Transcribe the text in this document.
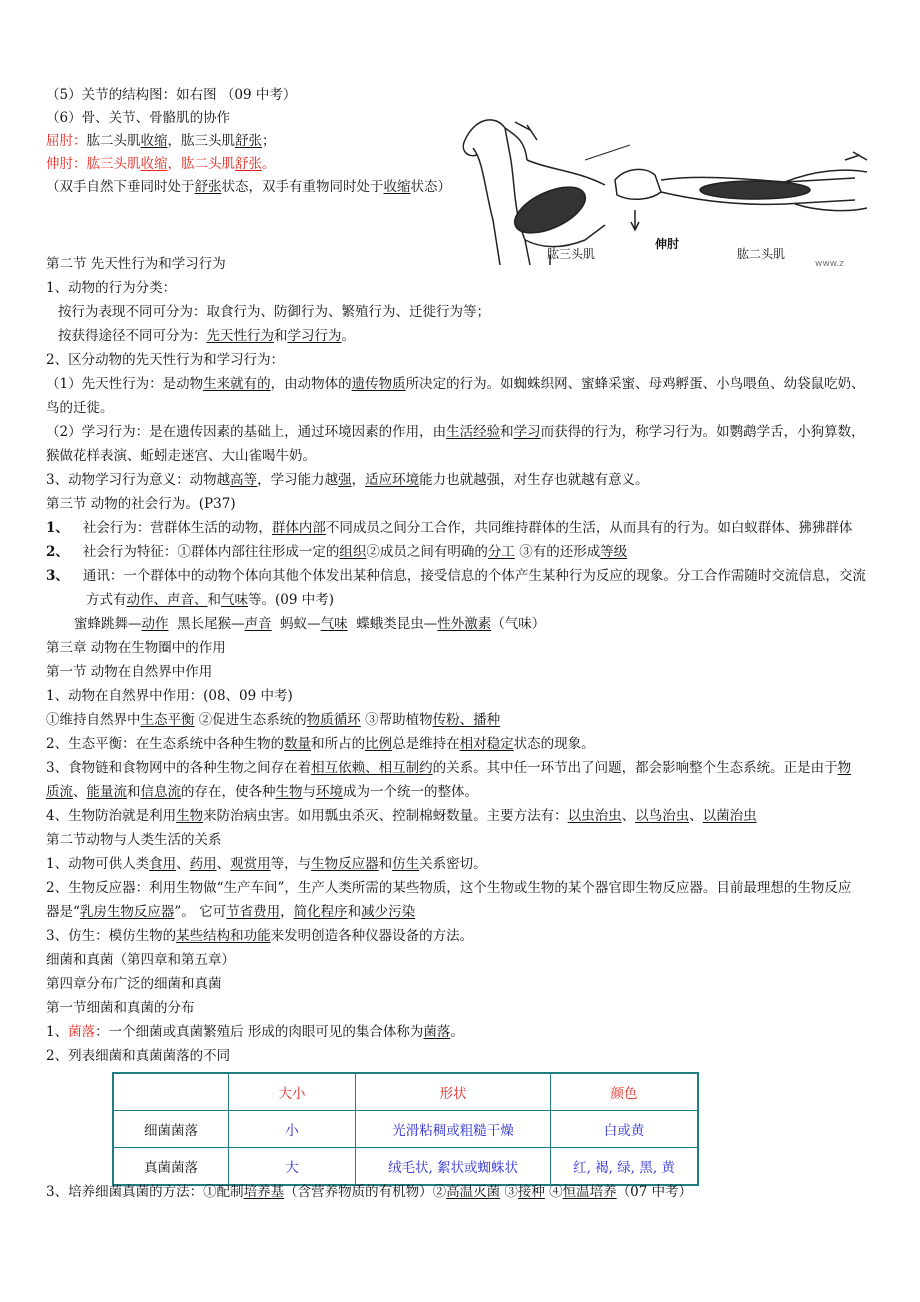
（5）关节的结构图：如右图 （09 中考）
（6）骨、关节、骨骼肌的协作
屈肘：肱二头肌收缩，肱三头肌舒张；
伸肘：肱三头肌收缩，肱二头肌舒张。
（双手自然下垂同时处于舒张状态，双手有重物同时处于收缩状态）
肱三头肌
伸肘
肱二头肌
www.z
第二节 先天性行为和学习行为
1、动物的行为分类：
按行为表现不同可分为：取食行为、防御行为、繁殖行为、迁徙行为等；
按获得途径不同可分为：先天性行为和学习行为。
2、区分动物的先天性行为和学习行为：
（1）先天性行为：是动物生来就有的，由动物体的遗传物质所决定的行为。如蜘蛛织网、蜜蜂采蜜、母鸡孵蛋、小鸟喂鱼、幼袋鼠吃奶、
鸟的迁徙。
（2）学习行为：是在遗传因素的基础上，通过环境因素的作用，由生活经验和学习而获得的行为，称学习行为。如鹦鹉学舌，小狗算数，
猴做花样表演、蚯蚓走迷宫、大山雀喝牛奶。
3、动物学习行为意义：动物越高等，学习能力越强，适应环境能力也就越强，对生存也就越有意义。
第三节 动物的社会行为。(P37)
1、 社会行为：营群体生活的动物，群体内部不同成员之间分工合作，共同维持群体的生活，从而具有的行为。如白蚁群体、狒狒群体
2、 社会行为特征：①群体内部往往形成一定的组织②成员之间有明确的分工 ③有的还形成等级
3、 通讯：一个群体中的动物个体向其他个体发出某种信息，接受信息的个体产生某种行为反应的现象。分工合作需随时交流信息，交流
方式有动作、声音、和气味等。(09 中考)
蜜蜂跳舞—动作  黑长尾猴—声音  蚂蚁—气味  蝶蛾类昆虫—性外激素（气味）
第三章 动物在生物圈中的作用
第一节 动物在自然界中作用
1、动物在自然界中作用：(08、09 中考)
①维持自然界中生态平衡 ②促进生态系统的物质循环 ③帮助植物传粉、播种
2、生态平衡：在生态系统中各种生物的数量和所占的比例总是维持在相对稳定状态的现象。
3、食物链和食物网中的各种生物之间存在着相互依赖、相互制约的关系。其中任一环节出了问题，都会影响整个生态系统。正是由于物
质流、能量流和信息流的存在，使各种生物与环境成为一个统一的整体。
4、生物防治就是利用生物来防治病虫害。如用瓢虫杀灭、控制棉蚜数量。主要方法有：以虫治虫、以鸟治虫、以菌治虫
第二节动物与人类生活的关系
1、动物可供人类食用、药用、观赏用等，与生物反应器和仿生关系密切。
2、生物反应器：利用生物做“生产车间”，生产人类所需的某些物质，这个生物或生物的某个器官即生物反应器。目前最理想的生物反应
器是“乳房生物反应器”。 它可节省费用，简化程序和减少污染
3、仿生：模仿生物的某些结构和功能来发明创造各种仪器设备的方法。
细菌和真菌（第四章和第五章）
第四章分布广泛的细菌和真菌
第一节细菌和真菌的分布
1、菌落：一个细菌或真菌繁殖后 形成的肉眼可见的集合体称为菌落。
2、列表细菌和真菌菌落的不同
	大小	形状	颜色
细菌菌落	小	光滑粘稠或粗糙干燥	白或黄
真菌菌落	大	绒毛状, 絮状或蜘蛛状	红, 褐, 绿, 黑, 黄
3、培养细菌真菌的方法：①配制培养基（含营养物质的有机物）②高温灭菌 ③接种 ④恒温培养（07 中考）
